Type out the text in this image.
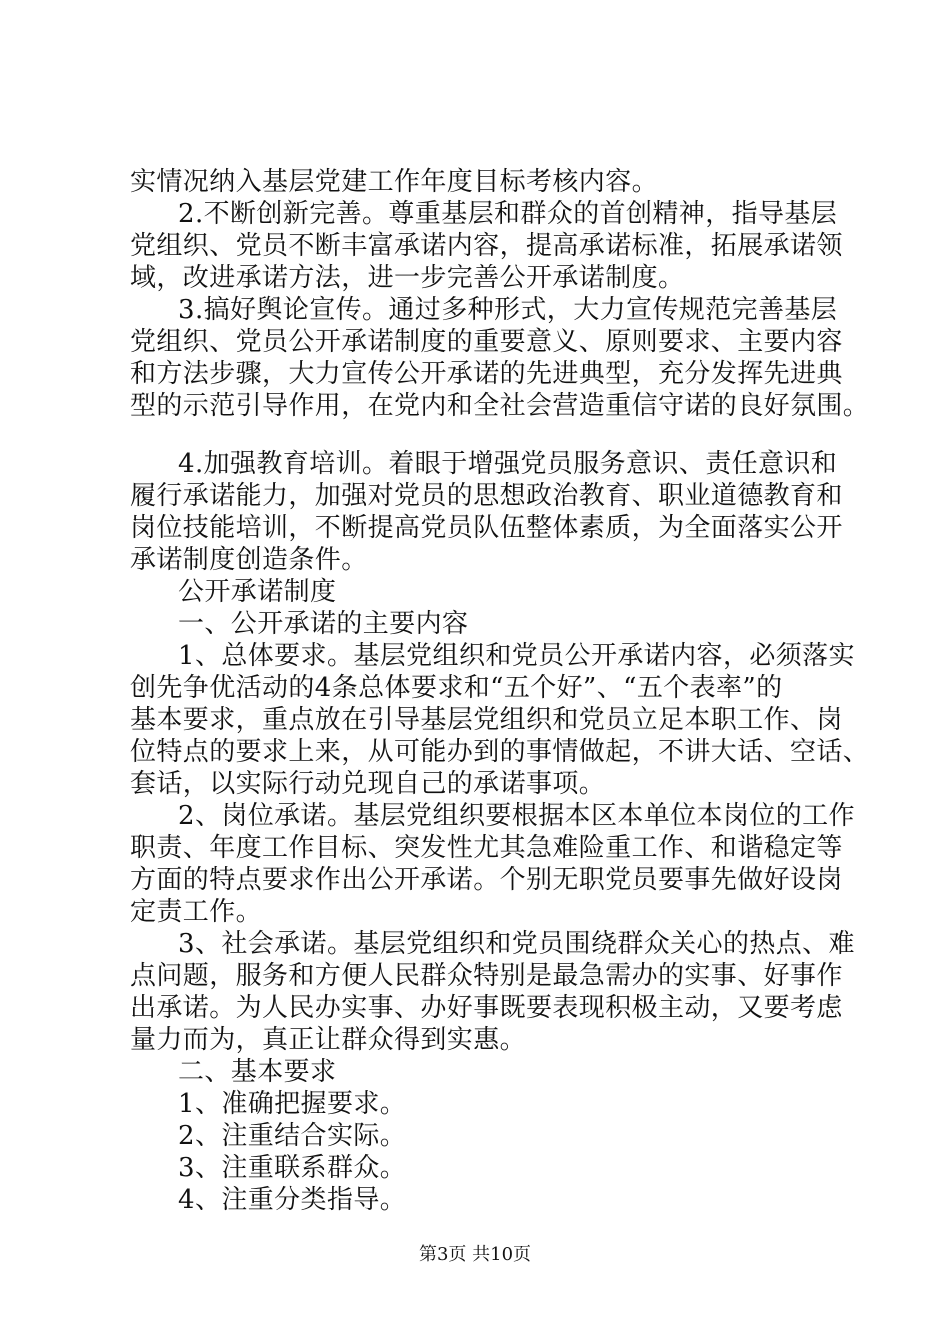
实情况纳入基层党建工作年度目标考核内容。
2.不断创新完善。尊重基层和群众的首创精神，指导基层
党组织、党员不断丰富承诺内容，提高承诺标准，拓展承诺领
域，改进承诺方法，进一步完善公开承诺制度。
3.搞好舆论宣传。通过多种形式，大力宣传规范完善基层
党组织、党员公开承诺制度的重要意义、原则要求、主要内容
和方法步骤，大力宣传公开承诺的先进典型，充分发挥先进典
型的示范引导作用，在党内和全社会营造重信守诺的良好氛围。
4.加强教育培训。着眼于增强党员服务意识、责任意识和
履行承诺能力，加强对党员的思想政治教育、职业道德教育和
岗位技能培训，不断提高党员队伍整体素质，为全面落实公开
承诺制度创造条件。
公开承诺制度
一、公开承诺的主要内容
1、总体要求。基层党组织和党员公开承诺内容，必须落实
创先争优活动的4条总体要求和“五个好”、“五个表率”的
基本要求，重点放在引导基层党组织和党员立足本职工作、岗
位特点的要求上来，从可能办到的事情做起，不讲大话、空话、
套话，以实际行动兑现自己的承诺事项。
2、岗位承诺。基层党组织要根据本区本单位本岗位的工作
职责、年度工作目标、突发性尤其急难险重工作、和谐稳定等
方面的特点要求作出公开承诺。个别无职党员要事先做好设岗
定责工作。
3、社会承诺。基层党组织和党员围绕群众关心的热点、难
点问题，服务和方便人民群众特别是最急需办的实事、好事作
出承诺。为人民办实事、办好事既要表现积极主动，又要考虑
量力而为，真正让群众得到实惠。
二、基本要求
1、准确把握要求。
2、注重结合实际。
3、注重联系群众。
4、注重分类指导。
第3页 共10页
